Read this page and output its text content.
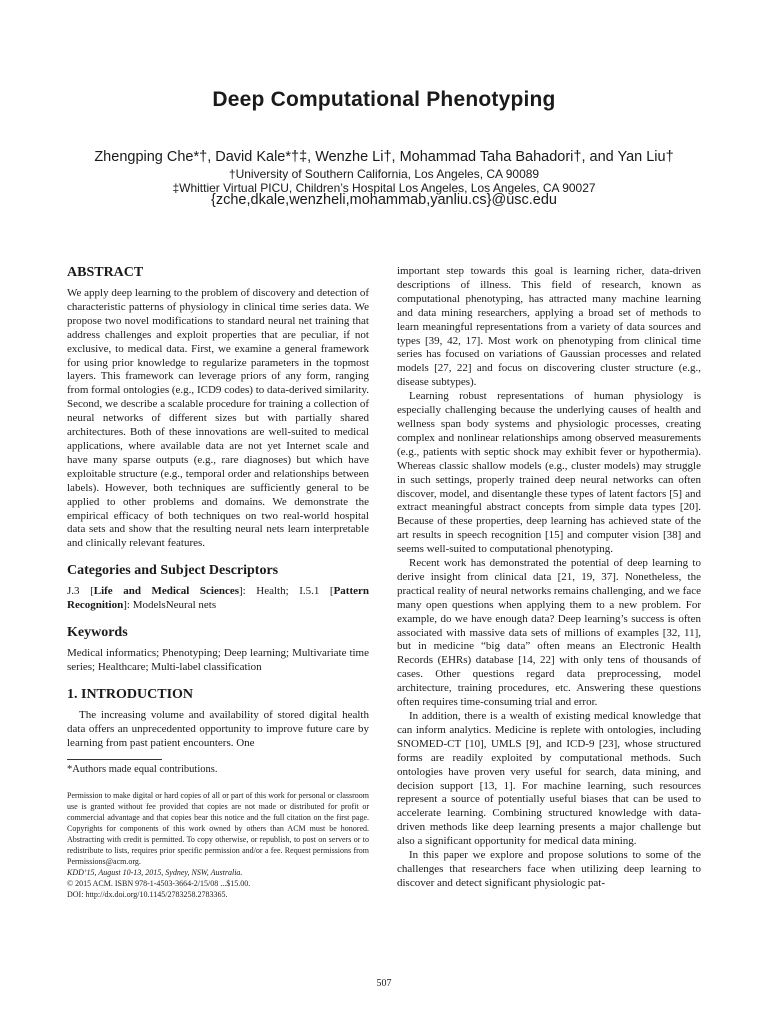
Deep Computational Phenotyping
Zhengping Che*†, David Kale*†‡, Wenzhe Li†, Mohammad Taha Bahadori†, and Yan Liu†
†University of Southern California, Los Angeles, CA 90089
‡Whittier Virtual PICU, Children’s Hospital Los Angeles, Los Angeles, CA 90027
{zche,dkale,wenzheli,mohammab,yanliu.cs}@usc.edu
ABSTRACT

We apply deep learning to the problem of discovery and detection of characteristic patterns of physiology in clinical time series data. We propose two novel modifications to standard neural net training that address challenges and exploit properties that are peculiar, if not exclusive, to medical data. First, we examine a general framework for using prior knowledge to regularize parameters in the topmost layers. This framework can leverage priors of any form, ranging from formal ontologies (e.g., ICD9 codes) to data-derived similarity. Second, we describe a scalable procedure for training a collection of neural networks of different sizes but with partially shared architectures. Both of these innovations are well-suited to medical applications, where available data are not yet Internet scale and have many sparse outputs (e.g., rare diagnoses) but which have exploitable structure (e.g., temporal order and relationships between labels). However, both techniques are sufficiently general to be applied to other problems and domains. We demonstrate the empirical efficacy of both techniques on two real-world hospital data sets and show that the resulting neural nets learn interpretable and clinically relevant features.

Categories and Subject Descriptors

J.3 [Life and Medical Sciences]: Health; I.5.1 [Pattern Recognition]: ModelsNeural nets

Keywords

Medical informatics; Phenotyping; Deep learning; Multivariate time series; Healthcare; Multi-label classification

1. INTRODUCTION

The increasing volume and availability of stored digital health data offers an unprecedented opportunity to improve future care by learning from past patient encounters. One

*Authors made equal contributions.

Permission to make digital or hard copies of all or part of this work for personal or classroom use is granted without fee provided that copies are not made or distributed for profit or commercial advantage and that copies bear this notice and the full citation on the first page. Copyrights for components of this work owned by others than ACM must be honored. Abstracting with credit is permitted. To copy otherwise, or republish, to post on servers or to redistribute to lists, requires prior specific permission and/or a fee. Request permissions from Permissions@acm.org.

KDD’15, August 10-13, 2015, Sydney, NSW, Australia.

© 2015 ACM. ISBN 978-1-4503-3664-2/15/08 ...$15.00.

DOI: http://dx.doi.org/10.1145/2783258.2783365.

important step towards this goal is learning richer, data-driven descriptions of illness. This field of research, known as computational phenotyping, has attracted many machine learning and data mining researchers, applying a broad set of methods to learn meaningful representations from a variety of data sources and types [39, 42, 17]. Most work on phenotyping from clinical time series has focused on variations of Gaussian processes and related models [27, 22] and focus on discovering cluster structure (e.g., disease subtypes).

Learning robust representations of human physiology is especially challenging because the underlying causes of health and wellness span body systems and physiologic processes, creating complex and nonlinear relationships among observed measurements (e.g., patients with septic shock may exhibit fever or hypothermia). Whereas classic shallow models (e.g., cluster models) may struggle in such settings, properly trained deep neural networks can often discover, model, and disentangle these types of latent factors [5] and extract meaningful abstract concepts from simple data types [20]. Because of these properties, deep learning has achieved state of the art results in speech recognition [15] and computer vision [38] and seems well-suited to computational phenotyping.

Recent work has demonstrated the potential of deep learning to derive insight from clinical data [21, 19, 37]. Nonetheless, the practical reality of neural networks remains challenging, and we face many open questions when applying them to a new problem. For example, do we have enough data? Deep learning’s success is often associated with massive data sets of millions of examples [32, 11], but in medicine “big data” often means an Electronic Health Records (EHRs) database [14, 22] with only tens of thousands of cases. Other questions regard data preprocessing, model architecture, training procedures, etc. Answering these questions often requires time-consuming trial and error.

In addition, there is a wealth of existing medical knowledge that can inform analytics. Medicine is replete with ontologies, including SNOMED-CT [10], UMLS [9], and ICD-9 [23], whose structured forms are readily exploited by computational methods. Such ontologies have proven very useful for search, data mining, and decision support [13, 1]. For machine learning, such resources represent a source of potentially useful biases that can be used to accelerate learning. Combining structured knowledge with data-driven methods like deep learning presents a major challenge but also a significant opportunity for medical data mining.

In this paper we explore and propose solutions to some of the challenges that researchers face when utilizing deep learning to discover and detect significant physiologic pat-

507
